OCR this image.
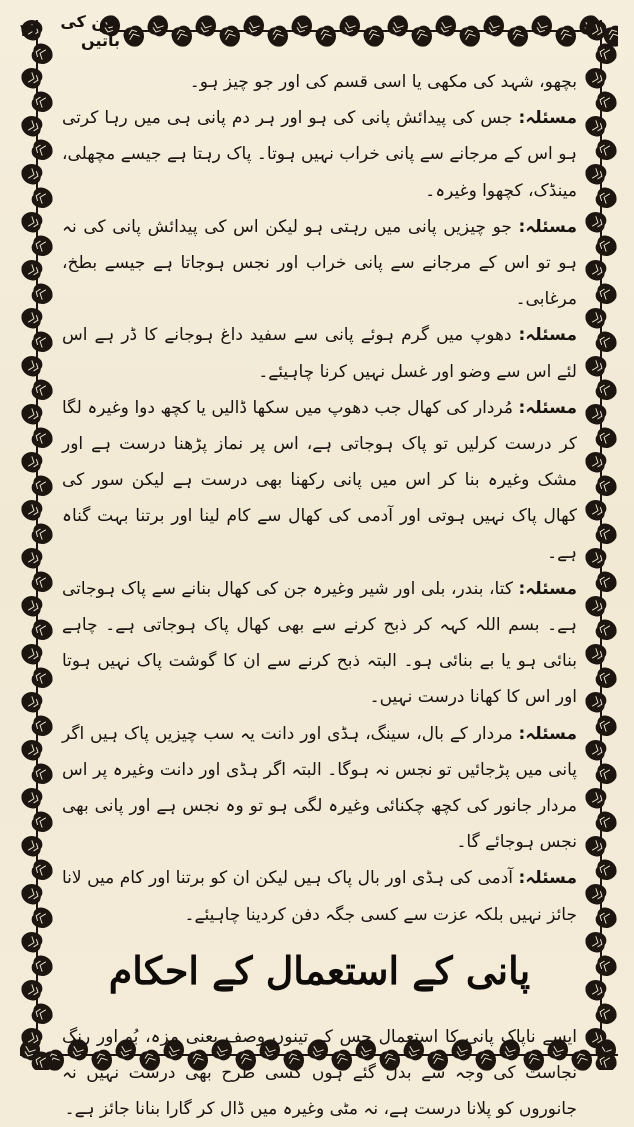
دین کی باتیں
۳۳

بچھو، شہد کی مکھی یا اسی قسم کی اور جو چیز ہو۔

مسئلہ: جس کی پیدائش پانی کی ہو اور ہر دم پانی ہی میں رہا کرتی ہو اس کے مرجانے سے پانی خراب نہیں ہوتا۔ پاک رہتا ہے جیسے مچھلی، مینڈک، کچھوا وغیرہ۔

مسئلہ: جو چیزیں پانی میں رہتی ہو لیکن اس کی پیدائش پانی کی نہ ہو تو اس کے مرجانے سے پانی خراب اور نجس ہوجاتا ہے جیسے بطخ، مرغابی۔

مسئلہ: دھوپ میں گرم ہوئے پانی سے سفید داغ ہوجانے کا ڈر ہے اس لئے اس سے وضو اور غسل نہیں کرنا چاہیئے۔

مسئلہ: مُردار کی کھال جب دھوپ میں سکھا ڈالیں یا کچھ دوا وغیرہ لگا کر درست کرلیں تو پاک ہوجاتی ہے، اس پر نماز پڑھنا درست ہے اور مشک وغیرہ بنا کر اس میں پانی رکھنا بھی درست ہے لیکن سور کی کھال پاک نہیں ہوتی اور آدمی کی کھال سے کام لینا اور برتنا بہت گناہ ہے۔

مسئلہ: کتا، بندر، بلی اور شیر وغیرہ جن کی کھال بنانے سے پاک ہوجاتی ہے۔ بسم اللہ کہہ کر ذبح کرنے سے بھی کھال پاک ہوجاتی ہے۔ چاہے بنائی ہو یا بے بنائی ہو۔ البتہ ذبح کرنے سے ان کا گوشت پاک نہیں ہوتا اور اس کا کھانا درست نہیں۔

مسئلہ: مردار کے بال، سینگ، ہڈی اور دانت یہ سب چیزیں پاک ہیں اگر پانی میں پڑجائیں تو نجس نہ ہوگا۔ البتہ اگر ہڈی اور دانت وغیرہ پر اس مردار جانور کی کچھ چکنائی وغیرہ لگی ہو تو وہ نجس ہے اور پانی بھی نجس ہوجائے گا۔

مسئلہ: آدمی کی ہڈی اور بال پاک ہیں لیکن ان کو برتنا اور کام میں لانا جائز نہیں بلکہ عزت سے کسی جگہ دفن کردینا چاہیئے۔

پانی کے استعمال کے احکام

ایسے ناپاک پانی کا استعمال جس کے تینوں وصف یعنی مزہ، بُو اور رنگ نجاست کی وجہ سے بدل گئے ہوں کسی طرح بھی درست نہیں نہ جانوروں کو پلانا درست ہے، نہ مٹی وغیرہ میں ڈال کر گارا بنانا جائز ہے۔
